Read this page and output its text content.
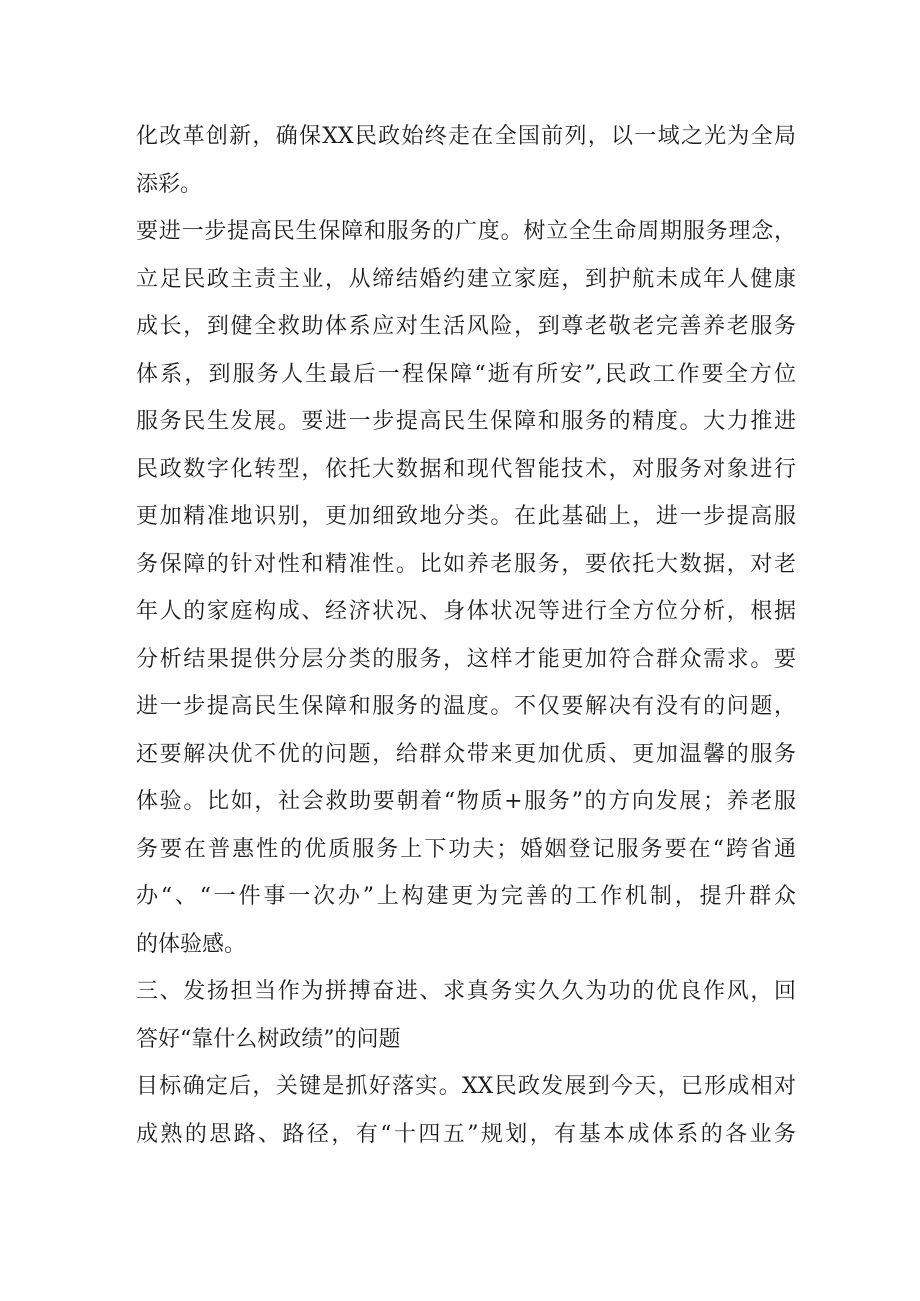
化改革创新，确保XX民政始终走在全国前列，以一域之光为全局
添彩。
要进一步提高民生保障和服务的广度。树立全生命周期服务理念，
立足民政主责主业，从缔结婚约建立家庭，到护航未成年人健康
成长，到健全救助体系应对生活风险，到尊老敬老完善养老服务
体系，到服务人生最后一程保障“逝有所安”,民政工作要全方位
服务民生发展。要进一步提高民生保障和服务的精度。大力推进
民政数字化转型，依托大数据和现代智能技术，对服务对象进行
更加精准地识别，更加细致地分类。在此基础上，进一步提高服
务保障的针对性和精准性。比如养老服务，要依托大数据，对老
年人的家庭构成、经济状况、身体状况等进行全方位分析，根据
分析结果提供分层分类的服务，这样才能更加符合群众需求。要
进一步提高民生保障和服务的温度。不仅要解决有没有的问题，
还要解决优不优的问题，给群众带来更加优质、更加温馨的服务
体验。比如，社会救助要朝着“物质+服务”的方向发展；养老服
务要在普惠性的优质服务上下功夫；婚姻登记服务要在“跨省通
办“、“一件事一次办”上构建更为完善的工作机制，提升群众
的体验感。
三、发扬担当作为拼搏奋进、求真务实久久为功的优良作风，回
答好“靠什么树政绩”的问题
目标确定后，关键是抓好落实。XX民政发展到今天，已形成相对
成熟的思路、路径，有“十四五”规划，有基本成体系的各业务
